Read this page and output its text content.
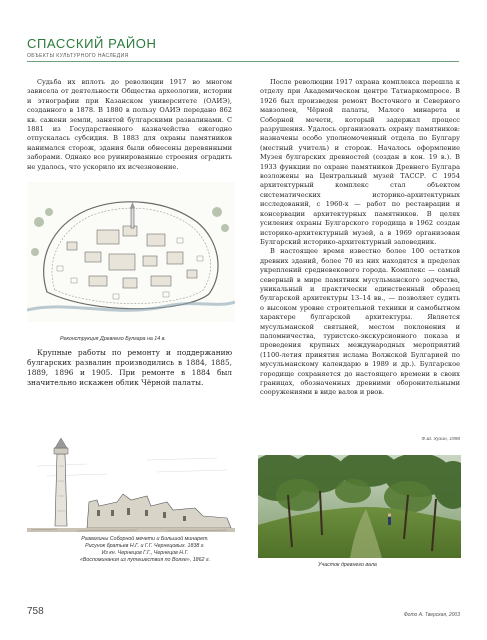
СПАССКИЙ РАЙОН
ОБЪЕКТЫ КУЛЬТУРНОГО НАСЛЕДИЯ

Судьба их вплоть до революции 1917 во многом зависела от деятельности Общества археологии, истории и этнографии при Казанском университете (ОАИЭ), созданного в 1878. В 1880 в пользу ОАИЭ передано 862 кв. сажени земли, занятой булгарскими развалинами. С 1881 из Государственного казначейства ежегодно отпускалась субсидия. В 1883 для охраны памятников нанимался сторож, здания были обнесены деревянными заборами. Однако все руинированные строения оградить не удалось, что ускорило их исчезновение.

Реконструкция Древнего Булгара на 14 в.

Крупные работы по ремонту и поддержанию булгарских развалин производились в 1884, 1885, 1889, 1896 и 1905. При ремонте в 1884 был значительно искажен облик Чёрной палаты.

После революции 1917 охрана комплекса перешла к отделу при Академическом центре Татнаркомпросе. В 1926 был произведен ремонт Восточного и Северного мавзолеев, Чёрной палаты, Малого минарета и Соборной мечети, который задержал процесс разрушения. Удалось организовать охрану памятников: назначены особо уполномоченный отдела по Булгару (местный учитель) и сторож. Началось оформление Музея булгарских древностей (создан в кон. 19 в.). В 1933 функции по охране памятников Древнего Булгара возложены на Центральный музей ТАССР. С 1954 архитектурный комплекс стал объектом систематических историко-архитектурных исследований, с 1960-х — работ по реставрации и консервации архитектурных памятников. В целях усиления охраны Булгарского городища в 1962 создан историко-архитектурный музей, а в 1969 организован Булгарский историко-архитектурный заповедник.

В настоящее время известно более 100 остатков древних зданий, более 70 из них находятся в пределах укреплений средневекового города. Комплекс — самый северный в мире памятник мусульманского зодчества, уникальный и практически единственный образец булгарской архитектуры 13–14 вв., — позволяет судить о высоком уровне строительной техники и самобытном характере булгарской архитектуры. Является мусульманской святыней, местом поклонения и паломничества, туристско-экскурсионного показа и проведения крупных международных мероприятий (1100-летия принятия ислама Волжской Булгарией по мусульманскому календарю в 1989 и др.). Булгарское городище сохраняется до настоящего времени в своих границах, обозначенных древними оборонительными сооружениями в виде валов и рвов.

Ф.Ш. Хузин, 1998
Развалины Соборной мечети и Большой минарет.
Рисунок братьев Н.Г. и Г.Г. Чернецовых. 1838 г.
Из кн. Чернецов Г.Г., Чернецов Н.Г.
«Воспоминания из путешествия по Волге», 1862 г.
Участок древнего вала
758	Фото А. Тверская, 2003
